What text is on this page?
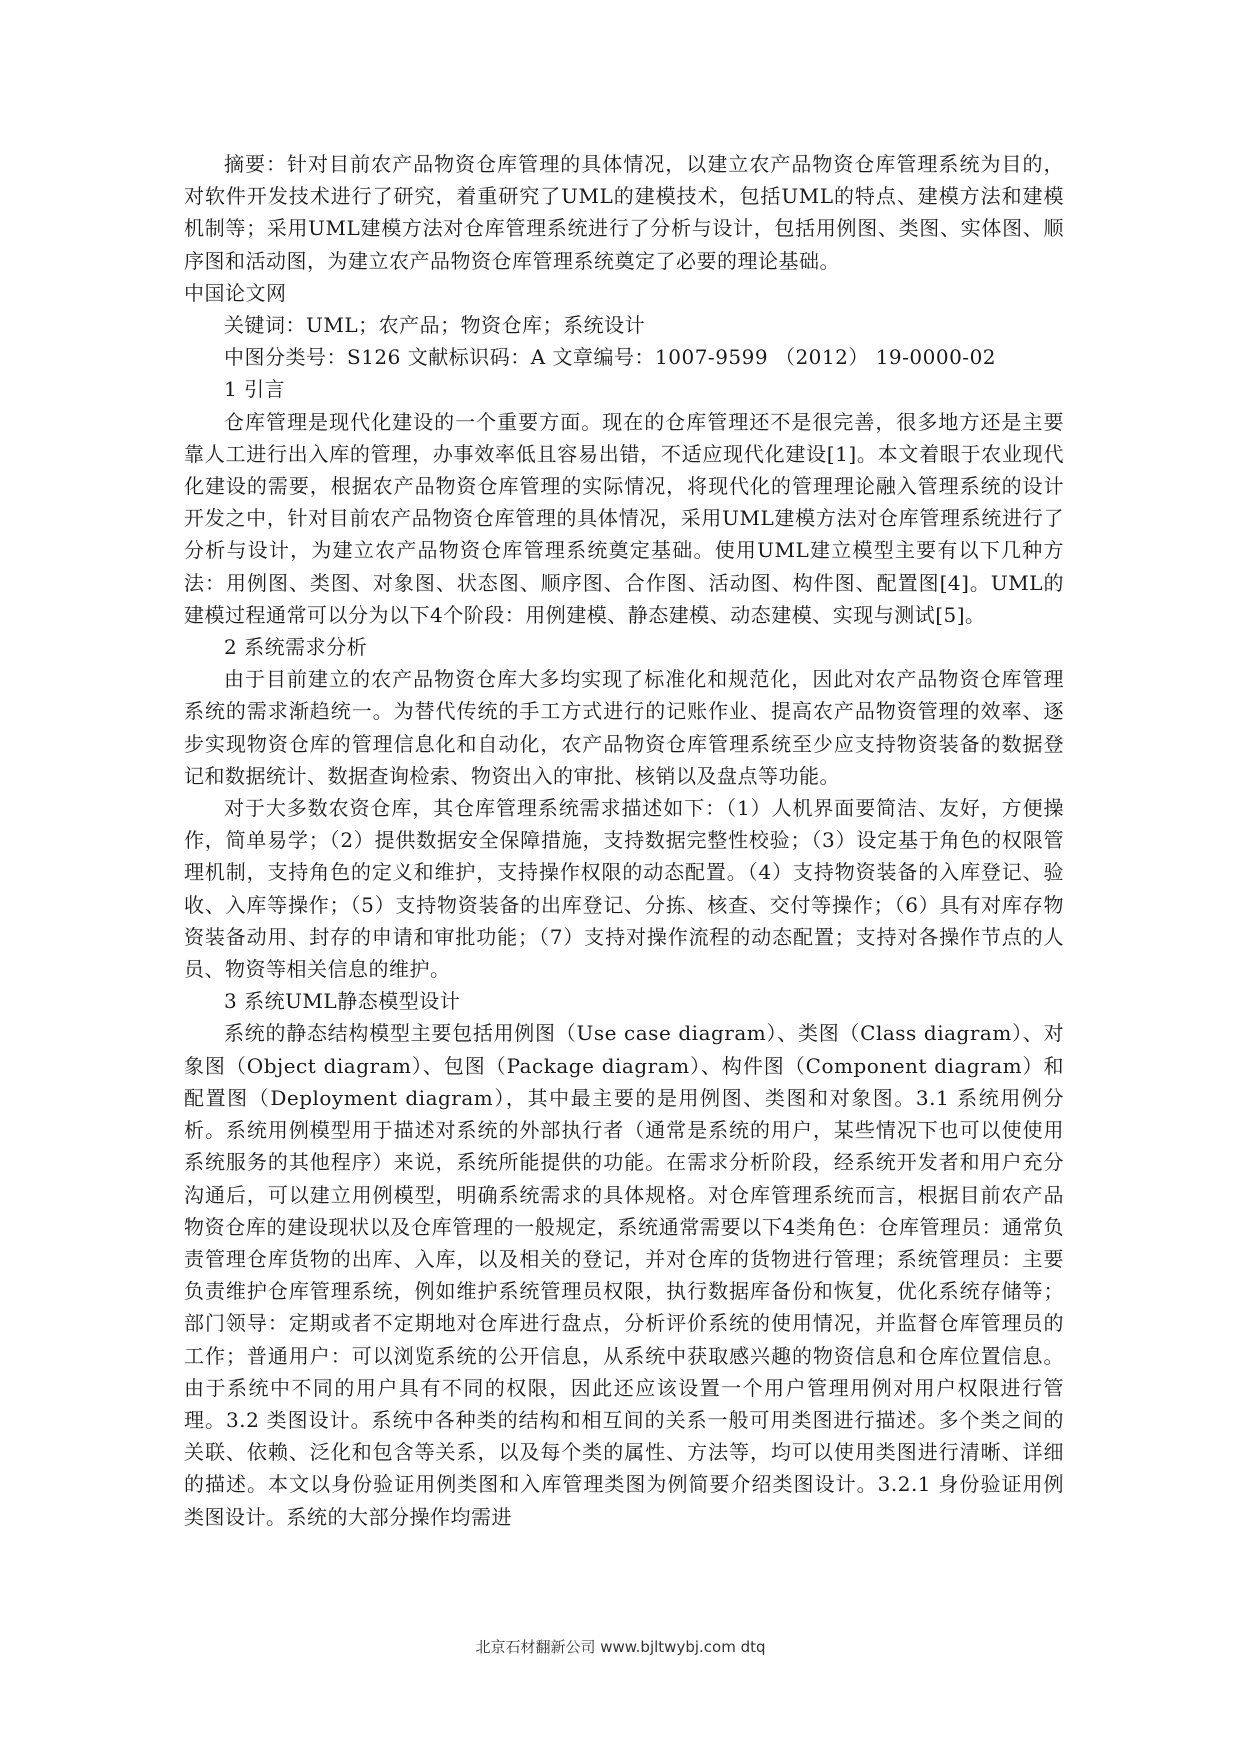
摘要：针对目前农产品物资仓库管理的具体情况，以建立农产品物资仓库管理系统为目的，对软件开发技术进行了研究，着重研究了UML的建模技术，包括UML的特点、建模方法和建模机制等；采用UML建模方法对仓库管理系统进行了分析与设计，包括用例图、类图、实体图、顺序图和活动图，为建立农产品物资仓库管理系统奠定了必要的理论基础。

中国论文网

关键词：UML；农产品；物资仓库；系统设计

中图分类号：S126 文献标识码：A 文章编号：1007-9599 （2012） 19-0000-02

1 引言

仓库管理是现代化建设的一个重要方面。现在的仓库管理还不是很完善，很多地方还是主要靠人工进行出入库的管理，办事效率低且容易出错，不适应现代化建设[1]。本文着眼于农业现代化建设的需要，根据农产品物资仓库管理的实际情况，将现代化的管理理论融入管理系统的设计开发之中，针对目前农产品物资仓库管理的具体情况，采用UML建模方法对仓库管理系统进行了分析与设计，为建立农产品物资仓库管理系统奠定基础。使用UML建立模型主要有以下几种方法：用例图、类图、对象图、状态图、顺序图、合作图、活动图、构件图、配置图[4]。UML的建模过程通常可以分为以下4个阶段：用例建模、静态建模、动态建模、实现与测试[5]。

2 系统需求分析

由于目前建立的农产品物资仓库大多均实现了标准化和规范化，因此对农产品物资仓库管理系统的需求渐趋统一。为替代传统的手工方式进行的记账作业、提高农产品物资管理的效率、逐步实现物资仓库的管理信息化和自动化，农产品物资仓库管理系统至少应支持物资装备的数据登记和数据统计、数据查询检索、物资出入的审批、核销以及盘点等功能。

对于大多数农资仓库，其仓库管理系统需求描述如下：（1）人机界面要简洁、友好，方便操作，简单易学；（2）提供数据安全保障措施，支持数据完整性校验；（3）设定基于角色的权限管理机制，支持角色的定义和维护，支持操作权限的动态配置。（4）支持物资装备的入库登记、验收、入库等操作；（5）支持物资装备的出库登记、分拣、核查、交付等操作；（6）具有对库存物资装备动用、封存的申请和审批功能；（7）支持对操作流程的动态配置；支持对各操作节点的人员、物资等相关信息的维护。

3 系统UML静态模型设计

系统的静态结构模型主要包括用例图（Use case diagram）、类图（Class diagram）、对象图（Object diagram）、包图（Package diagram）、构件图（Component diagram）和配置图（Deployment diagram），其中最主要的是用例图、类图和对象图。3.1 系统用例分析。系统用例模型用于描述对系统的外部执行者（通常是系统的用户，某些情况下也可以使使用系统服务的其他程序）来说，系统所能提供的功能。在需求分析阶段，经系统开发者和用户充分沟通后，可以建立用例模型，明确系统需求的具体规格。对仓库管理系统而言，根据目前农产品物资仓库的建设现状以及仓库管理的一般规定，系统通常需要以下4类角色：仓库管理员：通常负责管理仓库货物的出库、入库，以及相关的登记，并对仓库的货物进行管理；系统管理员：主要负责维护仓库管理系统，例如维护系统管理员权限，执行数据库备份和恢复，优化系统存储等；部门领导：定期或者不定期地对仓库进行盘点，分析评价系统的使用情况，并监督仓库管理员的工作；普通用户：可以浏览系统的公开信息，从系统中获取感兴趣的物资信息和仓库位置信息。由于系统中不同的用户具有不同的权限，因此还应该设置一个用户管理用例对用户权限进行管理。3.2 类图设计。系统中各种类的结构和相互间的关系一般可用类图进行描述。多个类之间的关联、依赖、泛化和包含等关系，以及每个类的属性、方法等，均可以使用类图进行清晰、详细的描述。本文以身份验证用例类图和入库管理类图为例简要介绍类图设计。3.2.1 身份验证用例类图设计。系统的大部分操作均需进

北京石材翻新公司 www.bjltwybj.com dtq
